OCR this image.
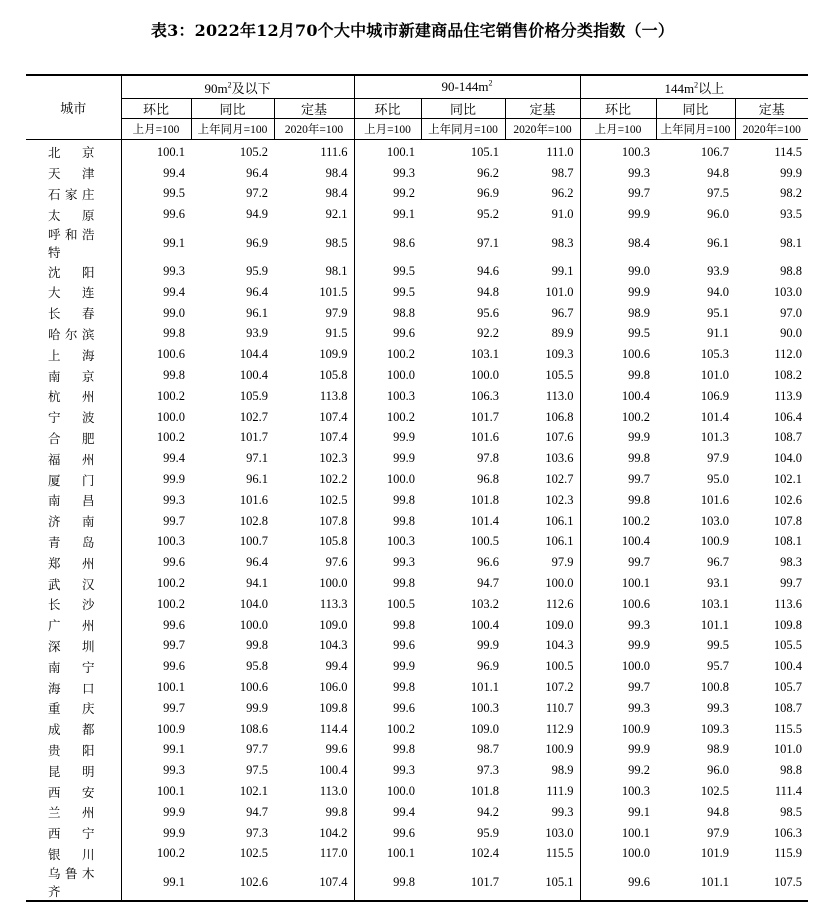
表3：2022年12月70个大中城市新建商品住宅销售价格分类指数（一）
城市	$90m^2$及以下			$90-144m^2$			$144m^2$以上		
	环比	同比	定基	环比	同比	定基	环比	同比	定基
	上月=100	上年同月=100	2020年=100	上月=100	上年同月=100	2020年=100	上月=100	上年同月=100	2020年=100
北京	100.1	105.2	111.6	100.1	105.1	111.0	100.3	106.7	114.5
天津	99.4	96.4	98.4	99.3	96.2	98.7	99.3	94.8	99.9
石家庄	99.5	97.2	98.4	99.2	96.9	96.2	99.7	97.5	98.2
太原	99.6	94.9	92.1	99.1	95.2	91.0	99.9	96.0	93.5
呼和浩特	99.1	96.9	98.5	98.6	97.1	98.3	98.4	96.1	98.1
沈阳	99.3	95.9	98.1	99.5	94.6	99.1	99.0	93.9	98.8
大连	99.4	96.4	101.5	99.5	94.8	101.0	99.9	94.0	103.0
长春	99.0	96.1	97.9	98.8	95.6	96.7	98.9	95.1	97.0
哈尔滨	99.8	93.9	91.5	99.6	92.2	89.9	99.5	91.1	90.0
上海	100.6	104.4	109.9	100.2	103.1	109.3	100.6	105.3	112.0
南京	99.8	100.4	105.8	100.0	100.0	105.5	99.8	101.0	108.2
杭州	100.2	105.9	113.8	100.3	106.3	113.0	100.4	106.9	113.9
宁波	100.0	102.7	107.4	100.2	101.7	106.8	100.2	101.4	106.4
合肥	100.2	101.7	107.4	99.9	101.6	107.6	99.9	101.3	108.7
福州	99.4	97.1	102.3	99.9	97.8	103.6	99.8	97.9	104.0
厦门	99.9	96.1	102.2	100.0	96.8	102.7	99.7	95.0	102.1
南昌	99.3	101.6	102.5	99.8	101.8	102.3	99.8	101.6	102.6
济南	99.7	102.8	107.8	99.8	101.4	106.1	100.2	103.0	107.8
青岛	100.3	100.7	105.8	100.3	100.5	106.1	100.4	100.9	108.1
郑州	99.6	96.4	97.6	99.3	96.6	97.9	99.7	96.7	98.3
武汉	100.2	94.1	100.0	99.8	94.7	100.0	100.1	93.1	99.7
长沙	100.2	104.0	113.3	100.5	103.2	112.6	100.6	103.1	113.6
广州	99.6	100.0	109.0	99.8	100.4	109.0	99.3	101.1	109.8
深圳	99.7	99.8	104.3	99.6	99.9	104.3	99.9	99.5	105.5
南宁	99.6	95.8	99.4	99.9	96.9	100.5	100.0	95.7	100.4
海口	100.1	100.6	106.0	99.8	101.1	107.2	99.7	100.8	105.7
重庆	99.7	99.9	109.8	99.6	100.3	110.7	99.3	99.3	108.7
成都	100.9	108.6	114.4	100.2	109.0	112.9	100.9	109.3	115.5
贵阳	99.1	97.7	99.6	99.8	98.7	100.9	99.9	98.9	101.0
昆明	99.3	97.5	100.4	99.3	97.3	98.9	99.2	96.0	98.8
西安	100.1	102.1	113.0	100.0	101.8	111.9	100.3	102.5	111.4
兰州	99.9	94.7	99.8	99.4	94.2	99.3	99.1	94.8	98.5
西宁	99.9	97.3	104.2	99.6	95.9	103.0	100.1	97.9	106.3
银川	100.2	102.5	117.0	100.1	102.4	115.5	100.0	101.9	115.9
乌鲁木齐	99.1	102.6	107.4	99.8	101.7	105.1	99.6	101.1	107.5
